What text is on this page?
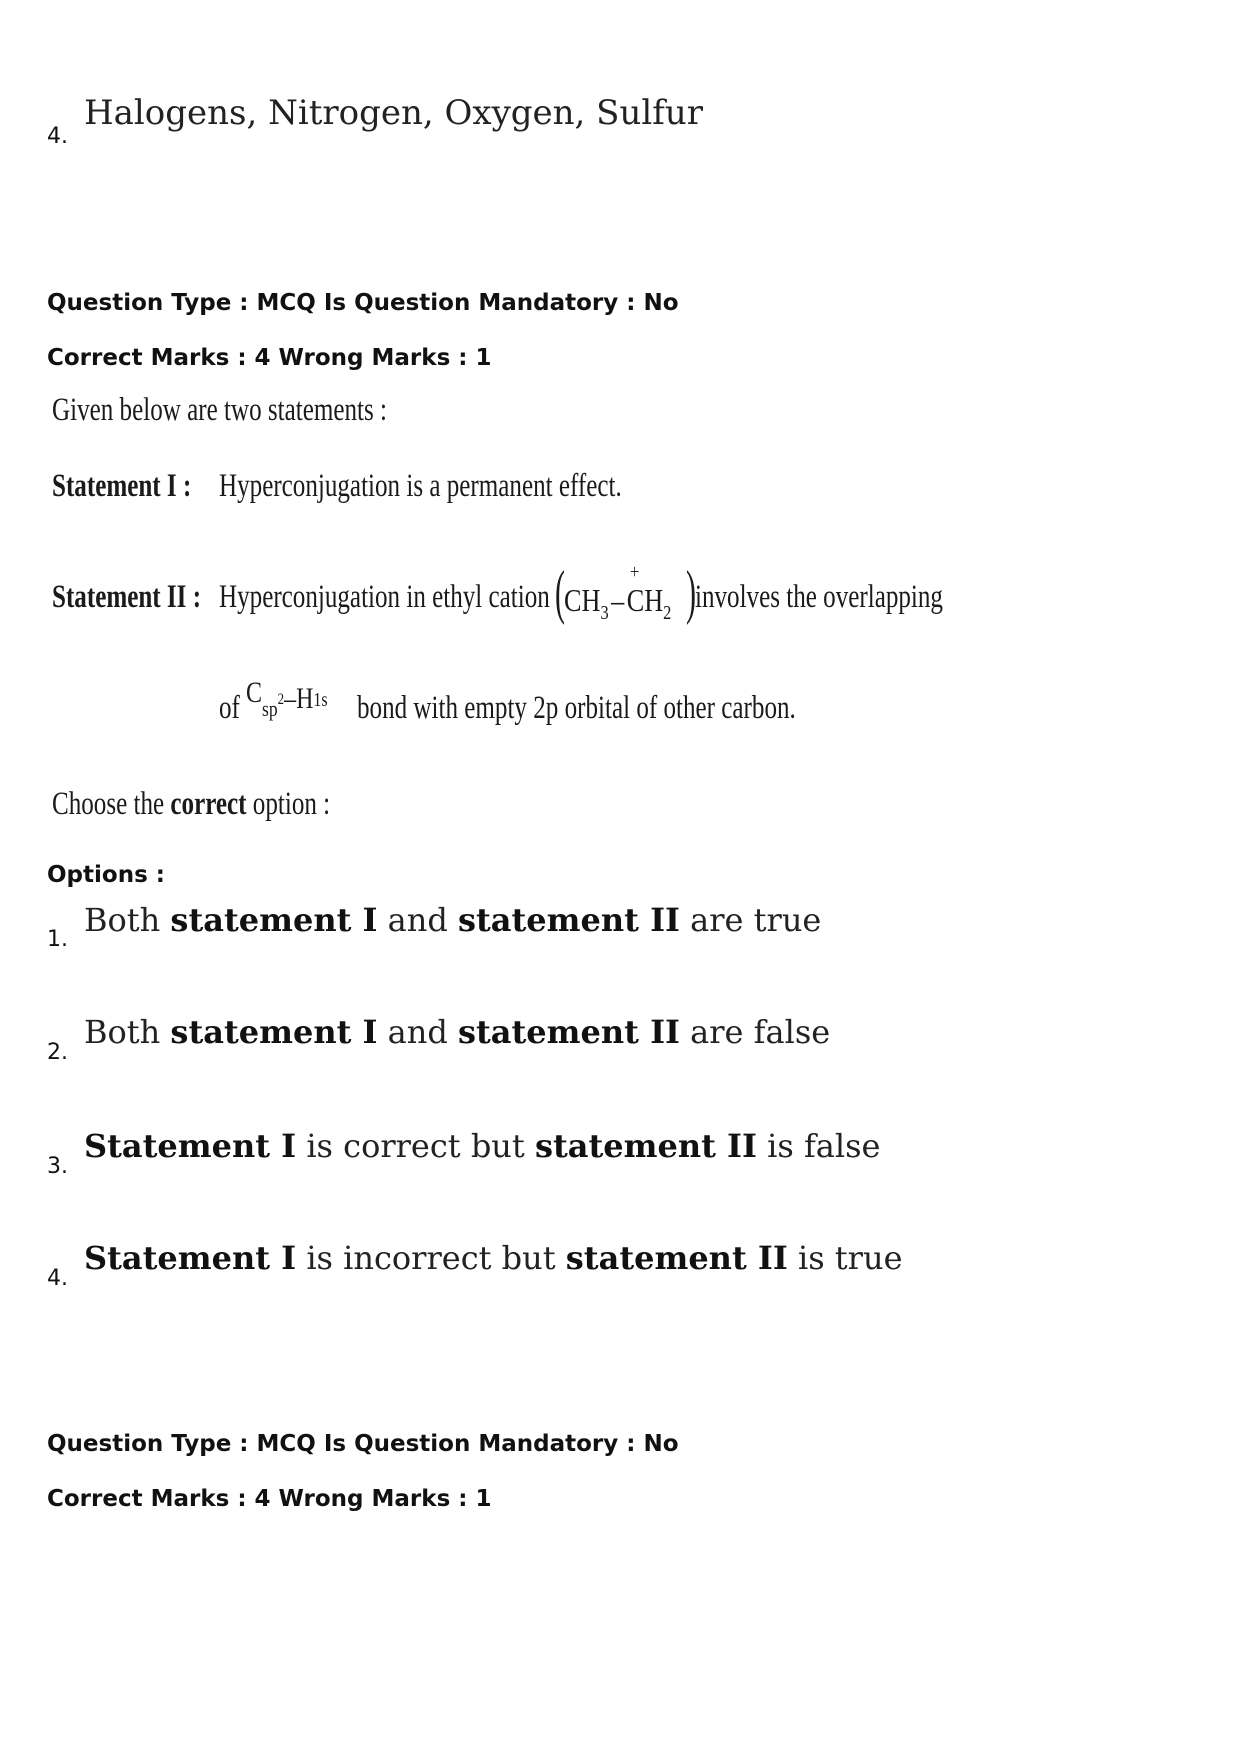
4.
Halogens, Nitrogen, Oxygen, Sulfur
Question Type : MCQ Is Question Mandatory : No
Correct Marks : 4 Wrong Marks : 1
Given below are two statements :
Statement I : Hyperconjugation is a permanent effect.
Statement II : Hyperconjugation in ethyl cation ($CH_3-$
+
$CH_2$ ) involves the overlapping
of $C_{sp}^2-H_{1s}$ bond with empty 2p orbital of other carbon.
Choose the correct option :
Options :
1.
Both statement I and statement II are true
2.
Both statement I and statement II are false
3.
Statement I is correct but statement II is false
4.
Statement I is incorrect but statement II is true
Question Type : MCQ Is Question Mandatory : No
Correct Marks : 4 Wrong Marks : 1
